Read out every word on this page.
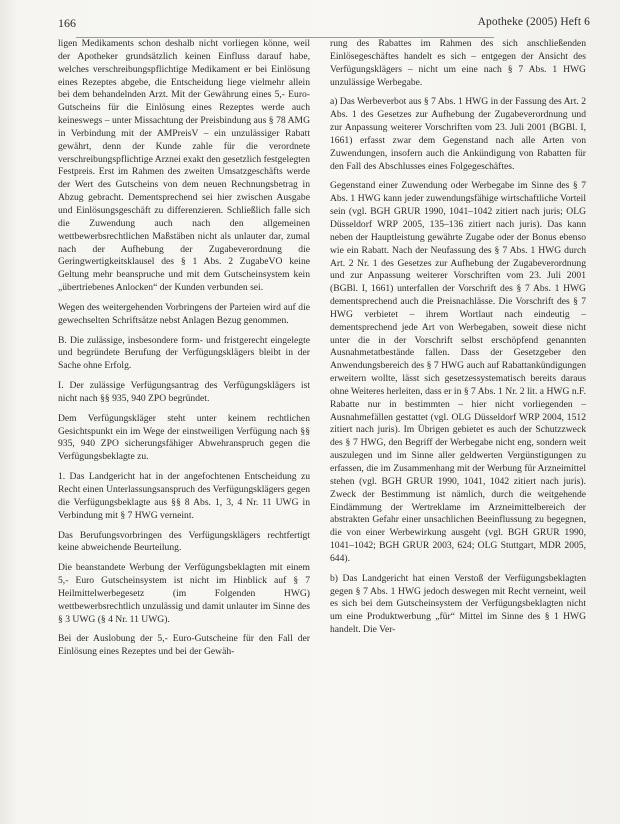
166	Apotheke (2005) Heft 6

ligen Medikaments schon deshalb nicht vorliegen könne, weil der Apotheker grundsätzlich keinen Einfluss darauf habe, welches verschreibungspflichtige Medikament er bei Einlösung eines Rezeptes abgebe, die Entscheidung liege vielmehr allein bei dem behandelnden Arzt. Mit der Gewährung eines 5,- Euro-Gutscheins für die Einlösung eines Rezeptes werde auch keineswegs – unter Missachtung der Preisbindung aus § 78 AMG in Verbindung mit der AMPreisV – ein unzulässiger Rabatt gewährt, denn der Kunde zahle für die verordnete verschreibungspflichtige Arznei exakt den gesetzlich festgelegten Festpreis. Erst im Rahmen des zweiten Umsatzgeschäfts werde der Wert des Gutscheins von dem neuen Rechnungsbetrag in Abzug gebracht. Dementsprechend sei hier zwischen Ausgabe und Einlösungsgeschäft zu differenzieren. Schließlich falle sich die Zuwendung auch nach den allgemeinen wettbewerbsrechtlichen Maßstäben nicht als unlauter dar, zumal nach der Aufhebung der Zugabeverordnung die Geringwertigkeitsklausel des § 1 Abs. 2 ZugabeVO keine Geltung mehr beanspruche und mit dem Gutscheinsystem kein „übertriebenes Anlocken“ der Kunden verbunden sei.

Wegen des weitergehenden Vorbringens der Parteien wird auf die gewechselten Schriftsätze nebst Anlagen Bezug genommen.

B. Die zulässige, insbesondere form- und fristgerecht eingelegte und begründete Berufung der Verfügungsklägers bleibt in der Sache ohne Erfolg.

I. Der zulässige Verfügungsantrag des Verfügungsklägers ist nicht nach §§ 935, 940 ZPO begründet.

Dem Verfügungskläger steht unter keinem rechtlichen Gesichtspunkt ein im Wege der einstweiligen Verfügung nach §§ 935, 940 ZPO sicherungsfähiger Abwehranspruch gegen die Verfügungsbeklagte zu.

1. Das Landgericht hat in der angefochtenen Entscheidung zu Recht einen Unterlassungsanspruch des Verfügungsklägers gegen die Verfügungsbeklagte aus §§ 8 Abs. 1, 3, 4 Nr. 11 UWG in Verbindung mit § 7 HWG verneint.

Das Berufungsvorbringen des Verfügungsklägers rechtfertigt keine abweichende Beurteilung.

Die beanstandete Werbung der Verfügungsbeklagten mit einem 5,- Euro Gutscheinsystem ist nicht im Hinblick auf § 7 Heilmittelwerbegesetz (im Folgenden HWG) wettbewerbsrechtlich unzulässig und damit unlauter im Sinne des § 3 UWG (§ 4 Nr. 11 UWG).

Bei der Auslobung der 5,- Euro-Gutscheine für den Fall der Einlösung eines Rezeptes und bei der Gewäh-

rung des Rabattes im Rahmen des sich anschließenden Einlösegeschäftes handelt es sich – entgegen der Ansicht des Verfügungsklägers – nicht um eine nach § 7 Abs. 1 HWG unzulässige Werbegabe.

a) Das Werbeverbot aus § 7 Abs. 1 HWG in der Fassung des Art. 2 Abs. 1 des Gesetzes zur Aufhebung der Zugabeverordnung und zur Anpassung weiterer Vorschriften vom 23. Juli 2001 (BGBl. I, 1661) erfasst zwar dem Gegenstand nach alle Arten von Zuwendungen, insofern auch die Ankündigung von Rabatten für den Fall des Abschlusses eines Folgegeschäftes.

Gegenstand einer Zuwendung oder Werbegabe im Sinne des § 7 Abs. 1 HWG kann jeder zuwendungsfähige wirtschaftliche Vorteil sein (vgl. BGH GRUR 1990, 1041–1042 zitiert nach juris; OLG Düsseldorf WRP 2005, 135–136 zitiert nach juris). Das kann neben der Hauptleistung gewährte Zugabe oder der Bonus ebenso wie ein Rabatt. Nach der Neufassung des § 7 Abs. 1 HWG durch Art. 2 Nr. 1 des Gesetzes zur Aufhebung der Zugabeverordnung und zur Anpassung weiterer Vorschriften vom 23. Juli 2001 (BGBl. I, 1661) unterfallen der Vorschrift des § 7 Abs. 1 HWG dementsprechend auch die Preisnachlässe. Die Vorschrift des § 7 HWG verbietet – ihrem Wortlaut nach eindeutig – dementsprechend jede Art von Werbegaben, soweit diese nicht unter die in der Vorschrift selbst erschöpfend genannten Ausnahmetatbestände fallen. Dass der Gesetzgeber den Anwendungsbereich des § 7 HWG auch auf Rabattankündigungen erweitern wollte, lässt sich gesetzessystematisch bereits daraus ohne Weiteres herleiten, dass er in § 7 Abs. 1 Nr. 2 lit. a HWG n.F. Rabatte nur in bestimmten – hier nicht vorliegenden – Ausnahmefällen gestattet (vgl. OLG Düsseldorf WRP 2004, 1512 zitiert nach juris). Im Übrigen gebietet es auch der Schutzzweck des § 7 HWG, den Begriff der Werbegabe nicht eng, sondern weit auszulegen und im Sinne aller geldwerten Vergünstigungen zu erfassen, die im Zusammenhang mit der Werbung für Arzneimittel stehen (vgl. BGH GRUR 1990, 1041, 1042 zitiert nach juris). Zweck der Bestimmung ist nämlich, durch die weitgehende Eindämmung der Wertreklame im Arzneimittelbereich der abstrakten Gefahr einer unsachlichen Beeinflussung zu begegnen, die von einer Werbewirkung ausgeht (vgl. BGH GRUR 1990, 1041–1042; BGH GRUR 2003, 624; OLG Stuttgart, MDR 2005, 644).

b) Das Landgericht hat einen Verstoß der Verfügungsbeklagten gegen § 7 Abs. 1 HWG jedoch deswegen mit Recht verneint, weil es sich bei dem Gutscheinsystem der Verfügungsbeklagten nicht um eine Produktwerbung „für“ Mittel im Sinne des § 1 HWG handelt. Die Ver-
